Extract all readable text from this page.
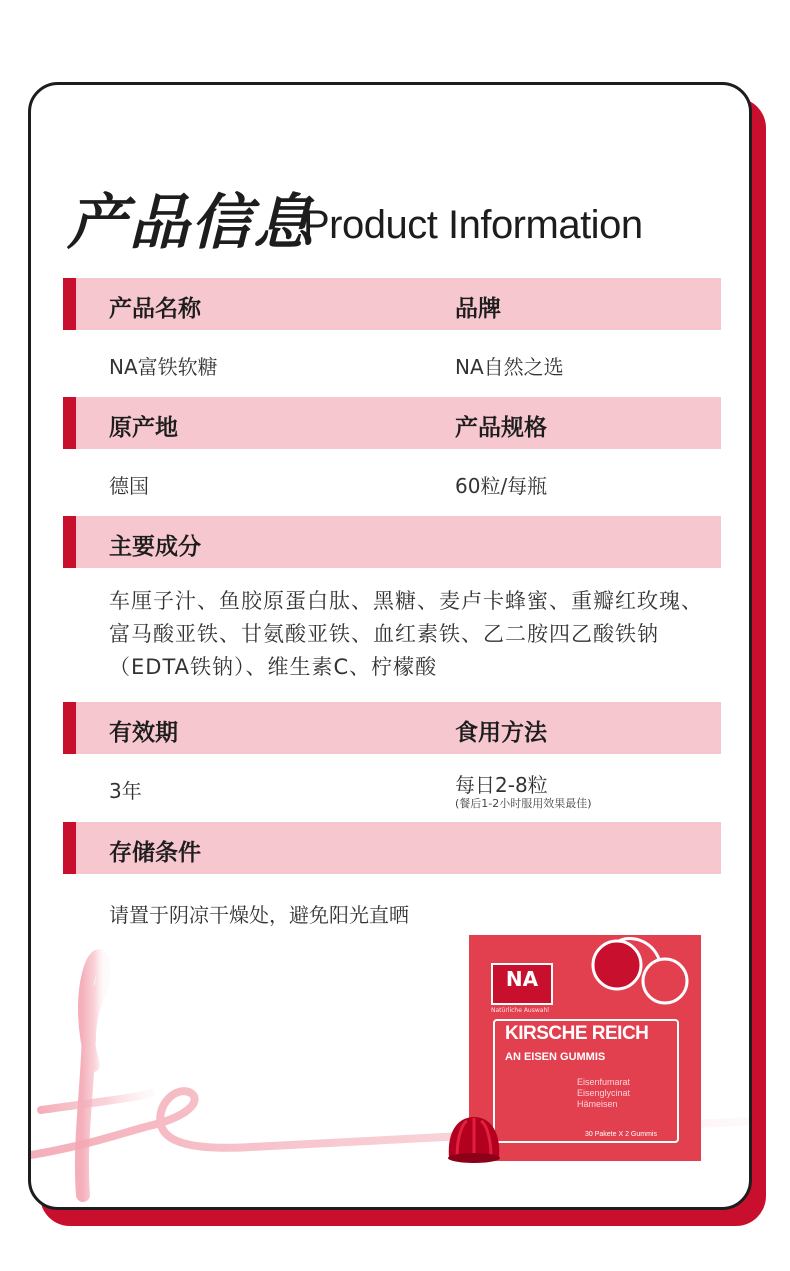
产品信息
Product Information
产品名称	品牌
NA富铁软糖	NA自然之选
原产地	产品规格
德国	60粒/每瓶
主要成分
车厘子汁、鱼胶原蛋白肽、黑糖、麦卢卡蜂蜜、重瓣红玫瑰、富马酸亚铁、甘氨酸亚铁、血红素铁、乙二胺四乙酸铁钠（EDTA铁钠）、维生素C、柠檬酸
有效期	食用方法
3年	每日2-8粒
(餐后1-2小时服用效果最佳)
存储条件
请置于阴凉干燥处，避免阳光直晒
NA
Natürliche Auswahl
KIRSCHE REICH
AN EISEN GUMMIS
Eisenfumarat
Eisenglycinat
Hämeisen
30 Pakete X 2 Gummis
